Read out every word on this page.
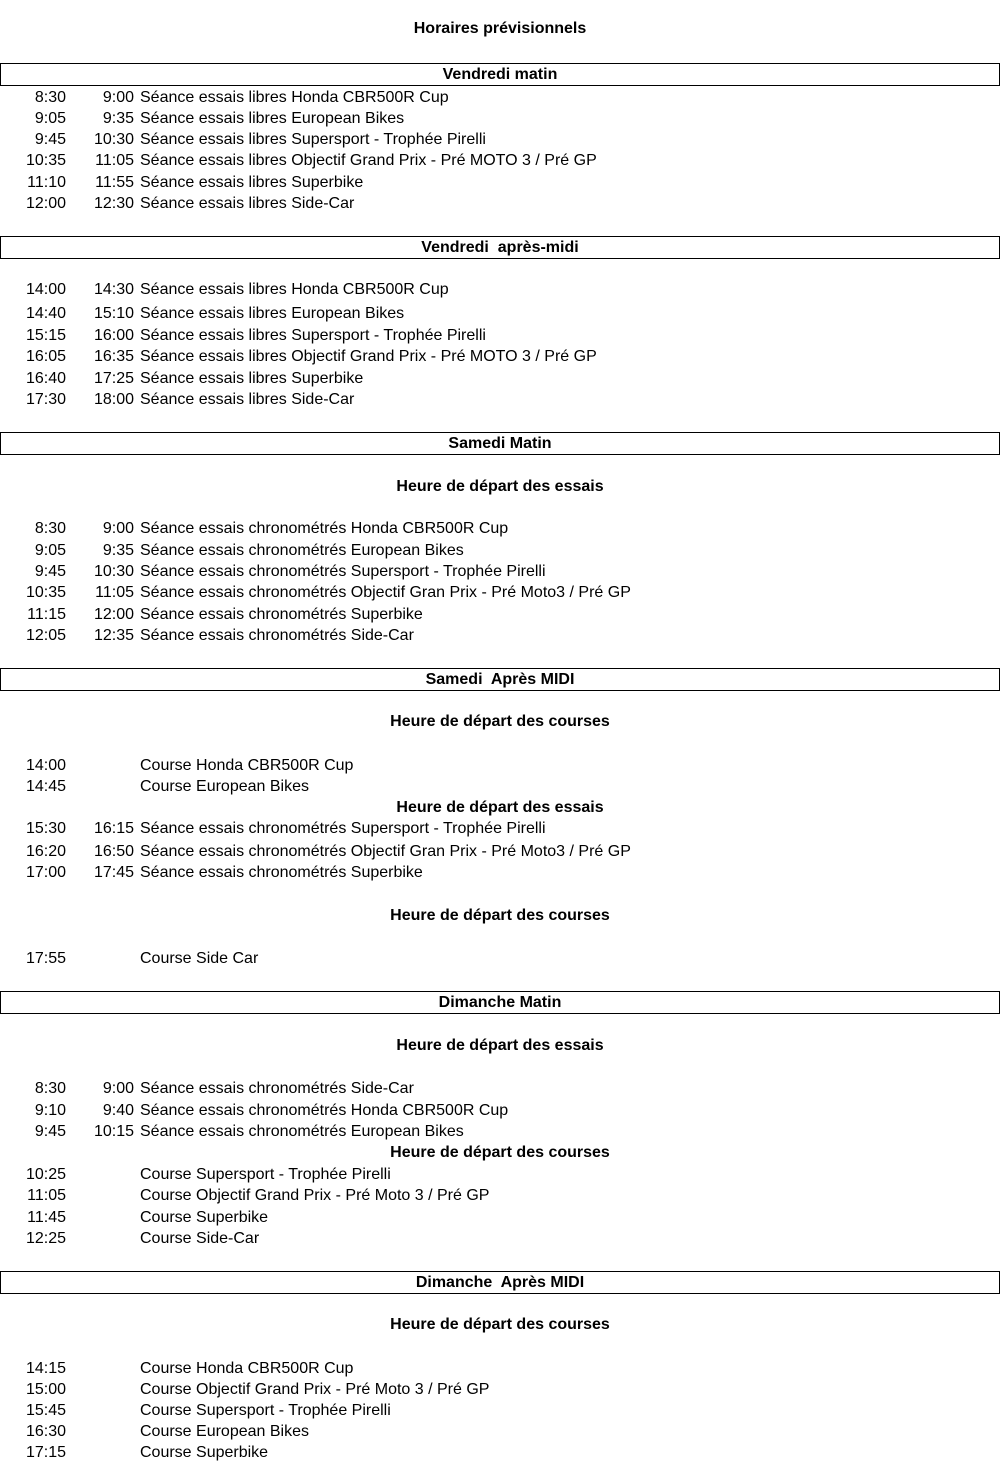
Horaires prévisionnels
Vendredi matin
8:30 9:00 Séance essais libres Honda CBR500R Cup
9:05 9:35 Séance essais libres European Bikes
9:45 10:30 Séance essais libres Supersport - Trophée Pirelli
10:35 11:05 Séance essais libres Objectif Grand Prix - Pré MOTO 3 / Pré GP
11:10 11:55 Séance essais libres Superbike
12:00 12:30 Séance essais libres Side-Car
Vendredi  après-midi
14:00 14:30 Séance essais libres Honda CBR500R Cup
14:40 15:10 Séance essais libres European Bikes
15:15 16:00 Séance essais libres Supersport - Trophée Pirelli
16:05 16:35 Séance essais libres Objectif Grand Prix - Pré MOTO 3 / Pré GP
16:40 17:25 Séance essais libres Superbike
17:30 18:00 Séance essais libres Side-Car
Samedi Matin
Heure de départ des essais
8:30 9:00 Séance essais chronométrés Honda CBR500R Cup
9:05 9:35 Séance essais chronométrés European Bikes
9:45 10:30 Séance essais chronométrés Supersport - Trophée Pirelli
10:35 11:05 Séance essais chronométrés Objectif Gran Prix - Pré Moto3 / Pré GP
11:15 12:00 Séance essais chronométrés Superbike
12:05 12:35 Séance essais chronométrés Side-Car
Samedi  Après MIDI
Heure de départ des courses
14:00	Course Honda CBR500R Cup
14:45	Course European Bikes
Heure de départ des essais
15:30 16:15 Séance essais chronométrés Supersport - Trophée Pirelli
16:20 16:50 Séance essais chronométrés Objectif Gran Prix - Pré Moto3 / Pré GP
17:00 17:45 Séance essais chronométrés Superbike
Heure de départ des courses
17:55	Course Side Car
Dimanche Matin
Heure de départ des essais
8:30 9:00 Séance essais chronométrés Side-Car
9:10 9:40 Séance essais chronométrés Honda CBR500R Cup
9:45 10:15 Séance essais chronométrés European Bikes
Heure de départ des courses
10:25	Course Supersport - Trophée Pirelli
11:05	Course Objectif Grand Prix - Pré Moto 3 / Pré GP
11:45	Course Superbike
12:25	Course Side-Car
Dimanche  Après MIDI
Heure de départ des courses
14:15	Course Honda CBR500R Cup
15:00	Course Objectif Grand Prix - Pré Moto 3 / Pré GP
15:45	Course Supersport - Trophée Pirelli
16:30	Course European Bikes
17:15	Course Superbike
